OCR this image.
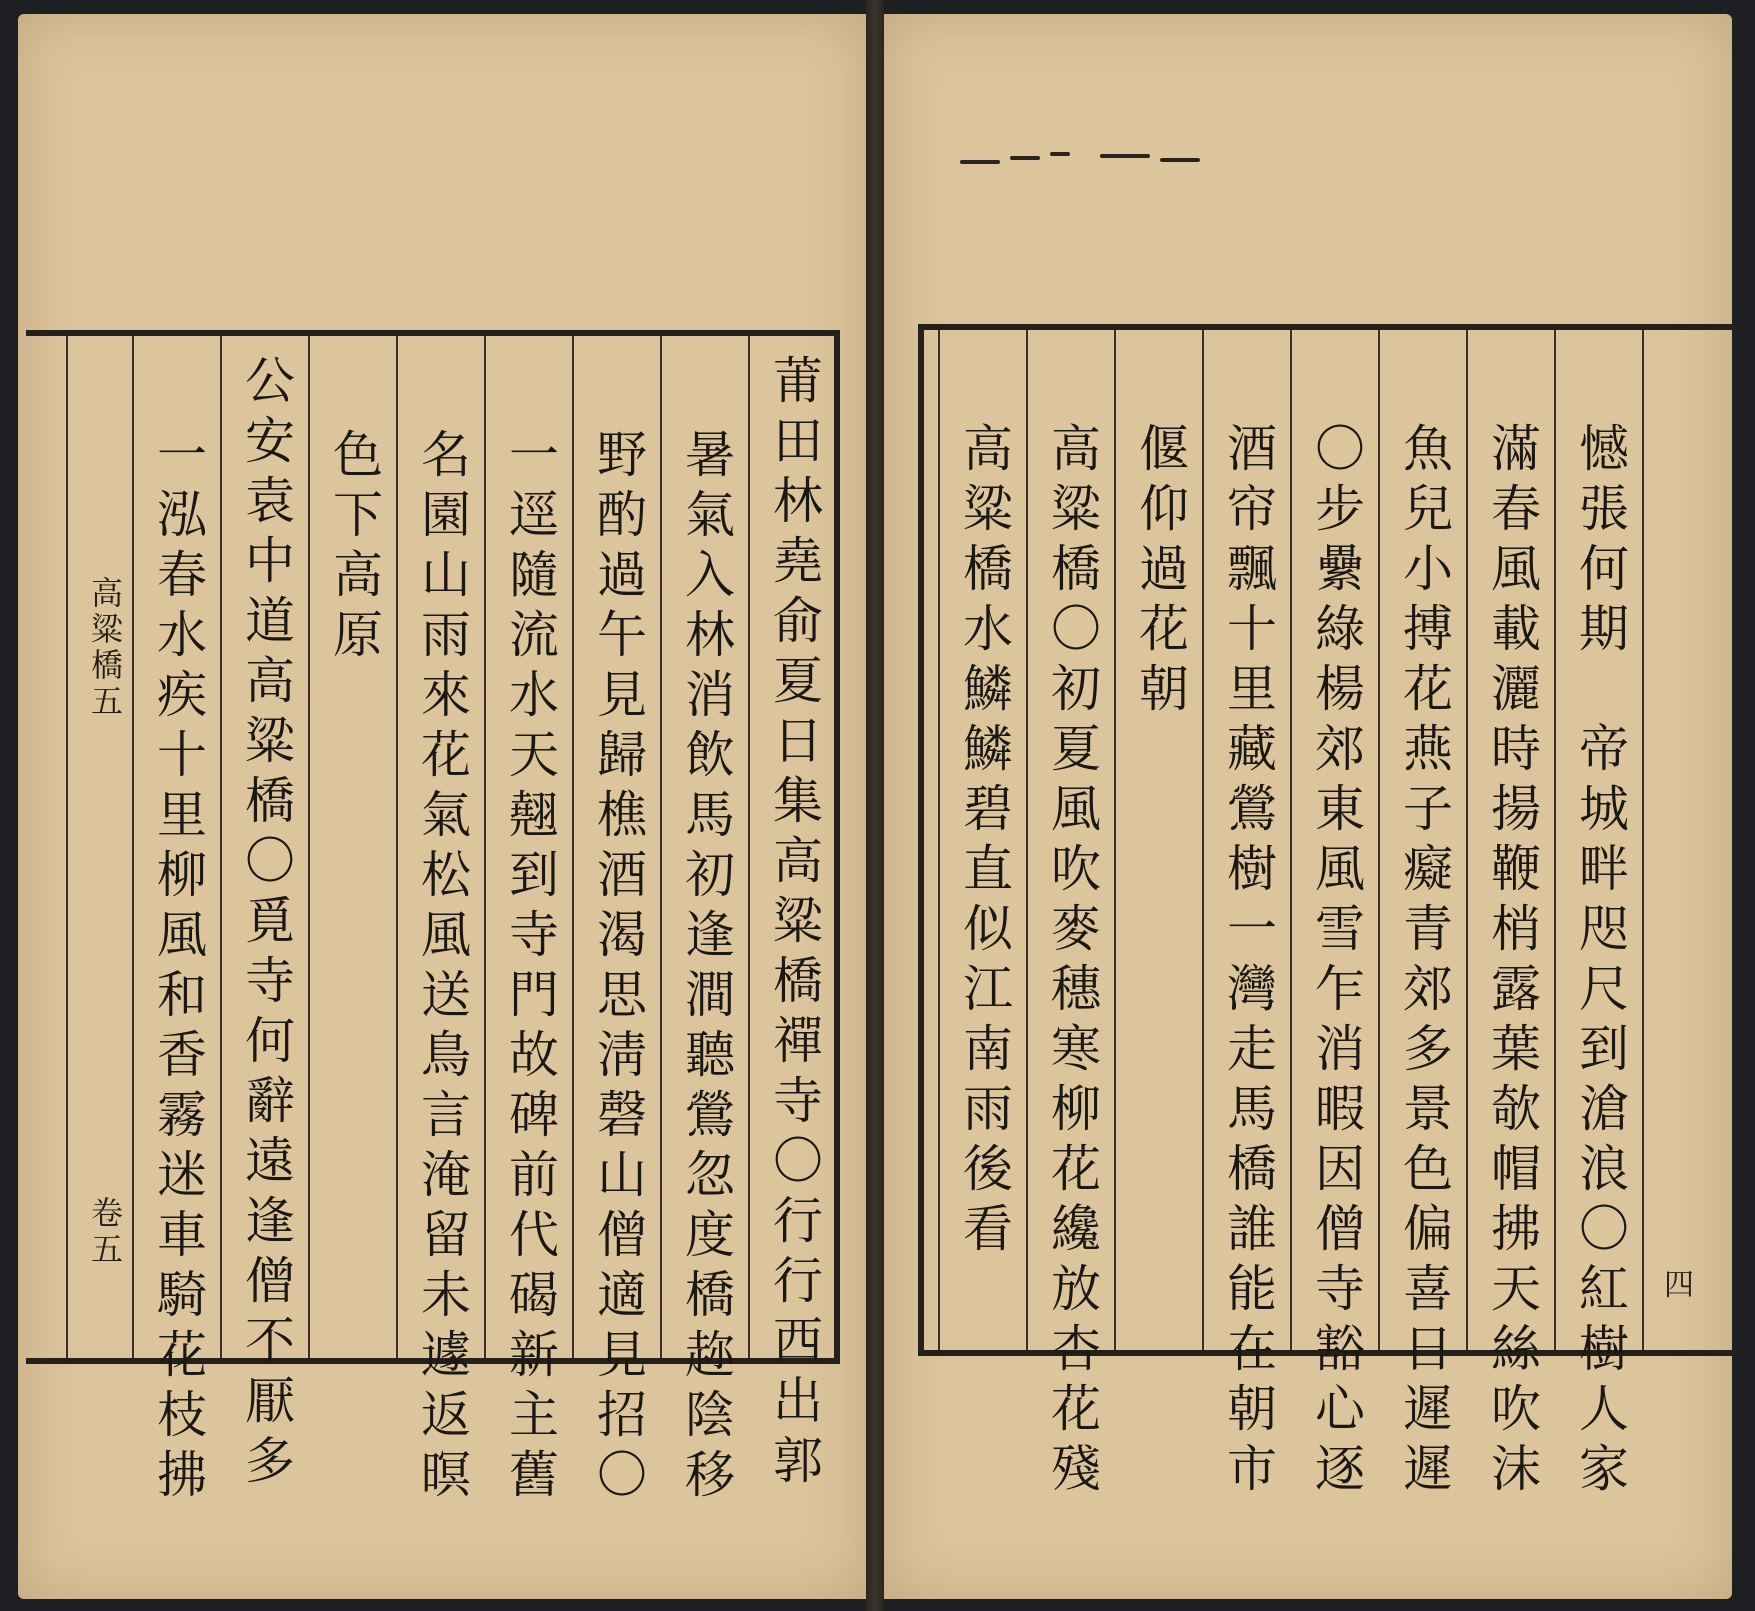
莆田林堯俞夏日集高粱橋禪寺〇行行西出郭
暑氣入林消飲馬初逢澗聽鶯忽度橋趂陰移
野酌過午見歸樵酒渴思淸磬山僧適見招〇
一逕隨流水天翹到寺門故碑前代碣新主舊
名園山雨來花氣松風送鳥言淹留未遽返暝
色下高原
公安袁中道高粱橋〇覓寺何辭遠逢僧不厭多
一泓春水疾十里柳風和香霧迷車騎花枝拂
高粱橋五
卷五
四
憾張何期　帝城畔咫尺到滄浪〇紅樹人家
滿春風載灑時揚鞭梢露葉欹帽拂天絲吹沫
魚兒小搏花燕子癡青郊多景色偏喜日遲遲
〇步纍綠楊郊東風雪乍消暇因僧寺豁心逐
酒帘飄十里藏鶯樹一灣走馬橋誰能在朝市
偃仰過花朝
高粱橋〇初夏風吹麥穗寒柳花纔放杏花殘
高粱橋水鱗鱗碧直似江南雨後看
